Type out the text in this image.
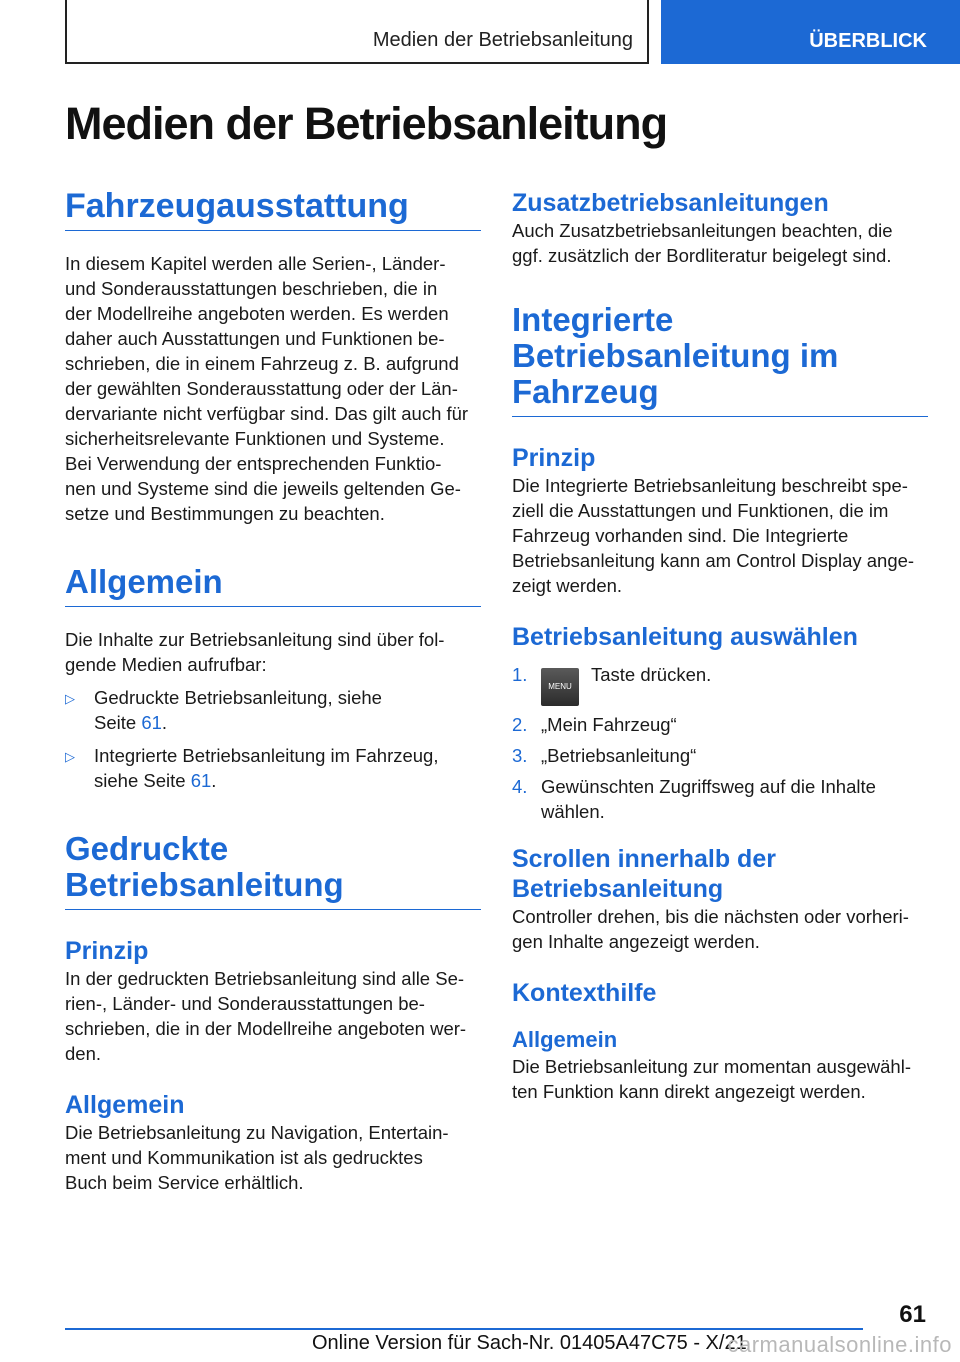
Medien der Betriebsanleitung	ÜBERBLICK
Medien der Betriebsanleitung
Fahrzeugausstattung

In diesem Kapitel werden alle Serien-, Länder-
und Sonderausstattungen beschrieben, die in
der Modellreihe angeboten werden. Es werden
daher auch Ausstattungen und Funktionen be-
schrieben, die in einem Fahrzeug z. B. aufgrund
der gewählten Sonderausstattung oder der Län-
dervariante nicht verfügbar sind. Das gilt auch für
sicherheitsrelevante Funktionen und Systeme.
Bei Verwendung der entsprechenden Funktio-
nen und Systeme sind die jeweils geltenden Ge-
setze und Bestimmungen zu beachten.

Allgemein

Die Inhalte zur Betriebsanleitung sind über fol-
gende Medien aufrufbar:

▷ Gedruckte Betriebsanleitung, siehe
Seite 61.
▷ Integrierte Betriebsanleitung im Fahrzeug,
siehe Seite 61.
Gedruckte
Betriebsanleitung
Prinzip

In der gedruckten Betriebsanleitung sind alle Se-
rien-, Länder- und Sonderausstattungen be-
schrieben, die in der Modellreihe angeboten wer-
den.

Allgemein

Die Betriebsanleitung zu Navigation, Entertain-
ment und Kommunikation ist als gedrucktes
Buch beim Service erhältlich.

Zusatzbetriebsanleitungen

Auch Zusatzbetriebsanleitungen beachten, die
ggf. zusätzlich der Bordliteratur beigelegt sind.

Integrierte
Betriebsanleitung im
Fahrzeug
Prinzip

Die Integrierte Betriebsanleitung beschreibt spe-
ziell die Ausstattungen und Funktionen, die im
Fahrzeug vorhanden sind. Die Integrierte
Betriebsanleitung kann am Control Display ange-
zeigt werden.

Betriebsanleitung auswählen
1.
MENUTaste drücken.
2. „Mein Fahrzeug“
3. „Betriebsanleitung“
4. Gewünschten Zugriffsweg auf die Inhalte
wählen.
Scrollen innerhalb der
Betriebsanleitung

Controller drehen, bis die nächsten oder vorheri-
gen Inhalte angezeigt werden.

Kontexthilfe
Allgemein

Die Betriebsanleitung zur momentan ausgewähl-
ten Funktion kann direkt angezeigt werden.

61
Online Version für Sach-Nr. 01405A47C75 - X/21
carmanualsonline.info
